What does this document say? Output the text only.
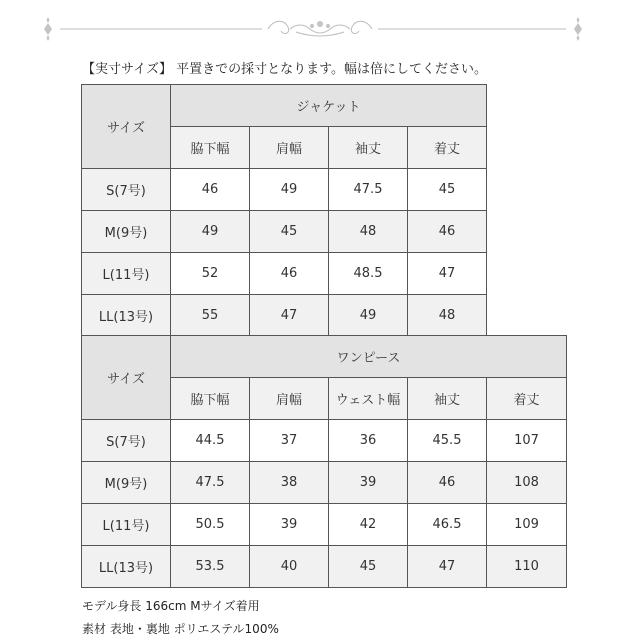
【実寸サイズ】 平置きでの採寸となります。幅は倍にしてください。
サイズ	ジャケット			
	脇下幅	肩幅	袖丈	着丈
S(7号)	46	49	47.5	45
M(9号)	49	45	48	46
L(11号)	52	46	48.5	47
LL(13号)	55	47	49	48
サイズ	ワンピース				
	脇下幅	肩幅	ウェスト幅	袖丈	着丈
S(7号)	44.5	37	36	45.5	107
M(9号)	47.5	38	39	46	108
L(11号)	50.5	39	42	46.5	109
LL(13号)	53.5	40	45	47	110
モデル身長 166cm Mサイズ着用
素材 表地・裏地 ポリエステル100%
